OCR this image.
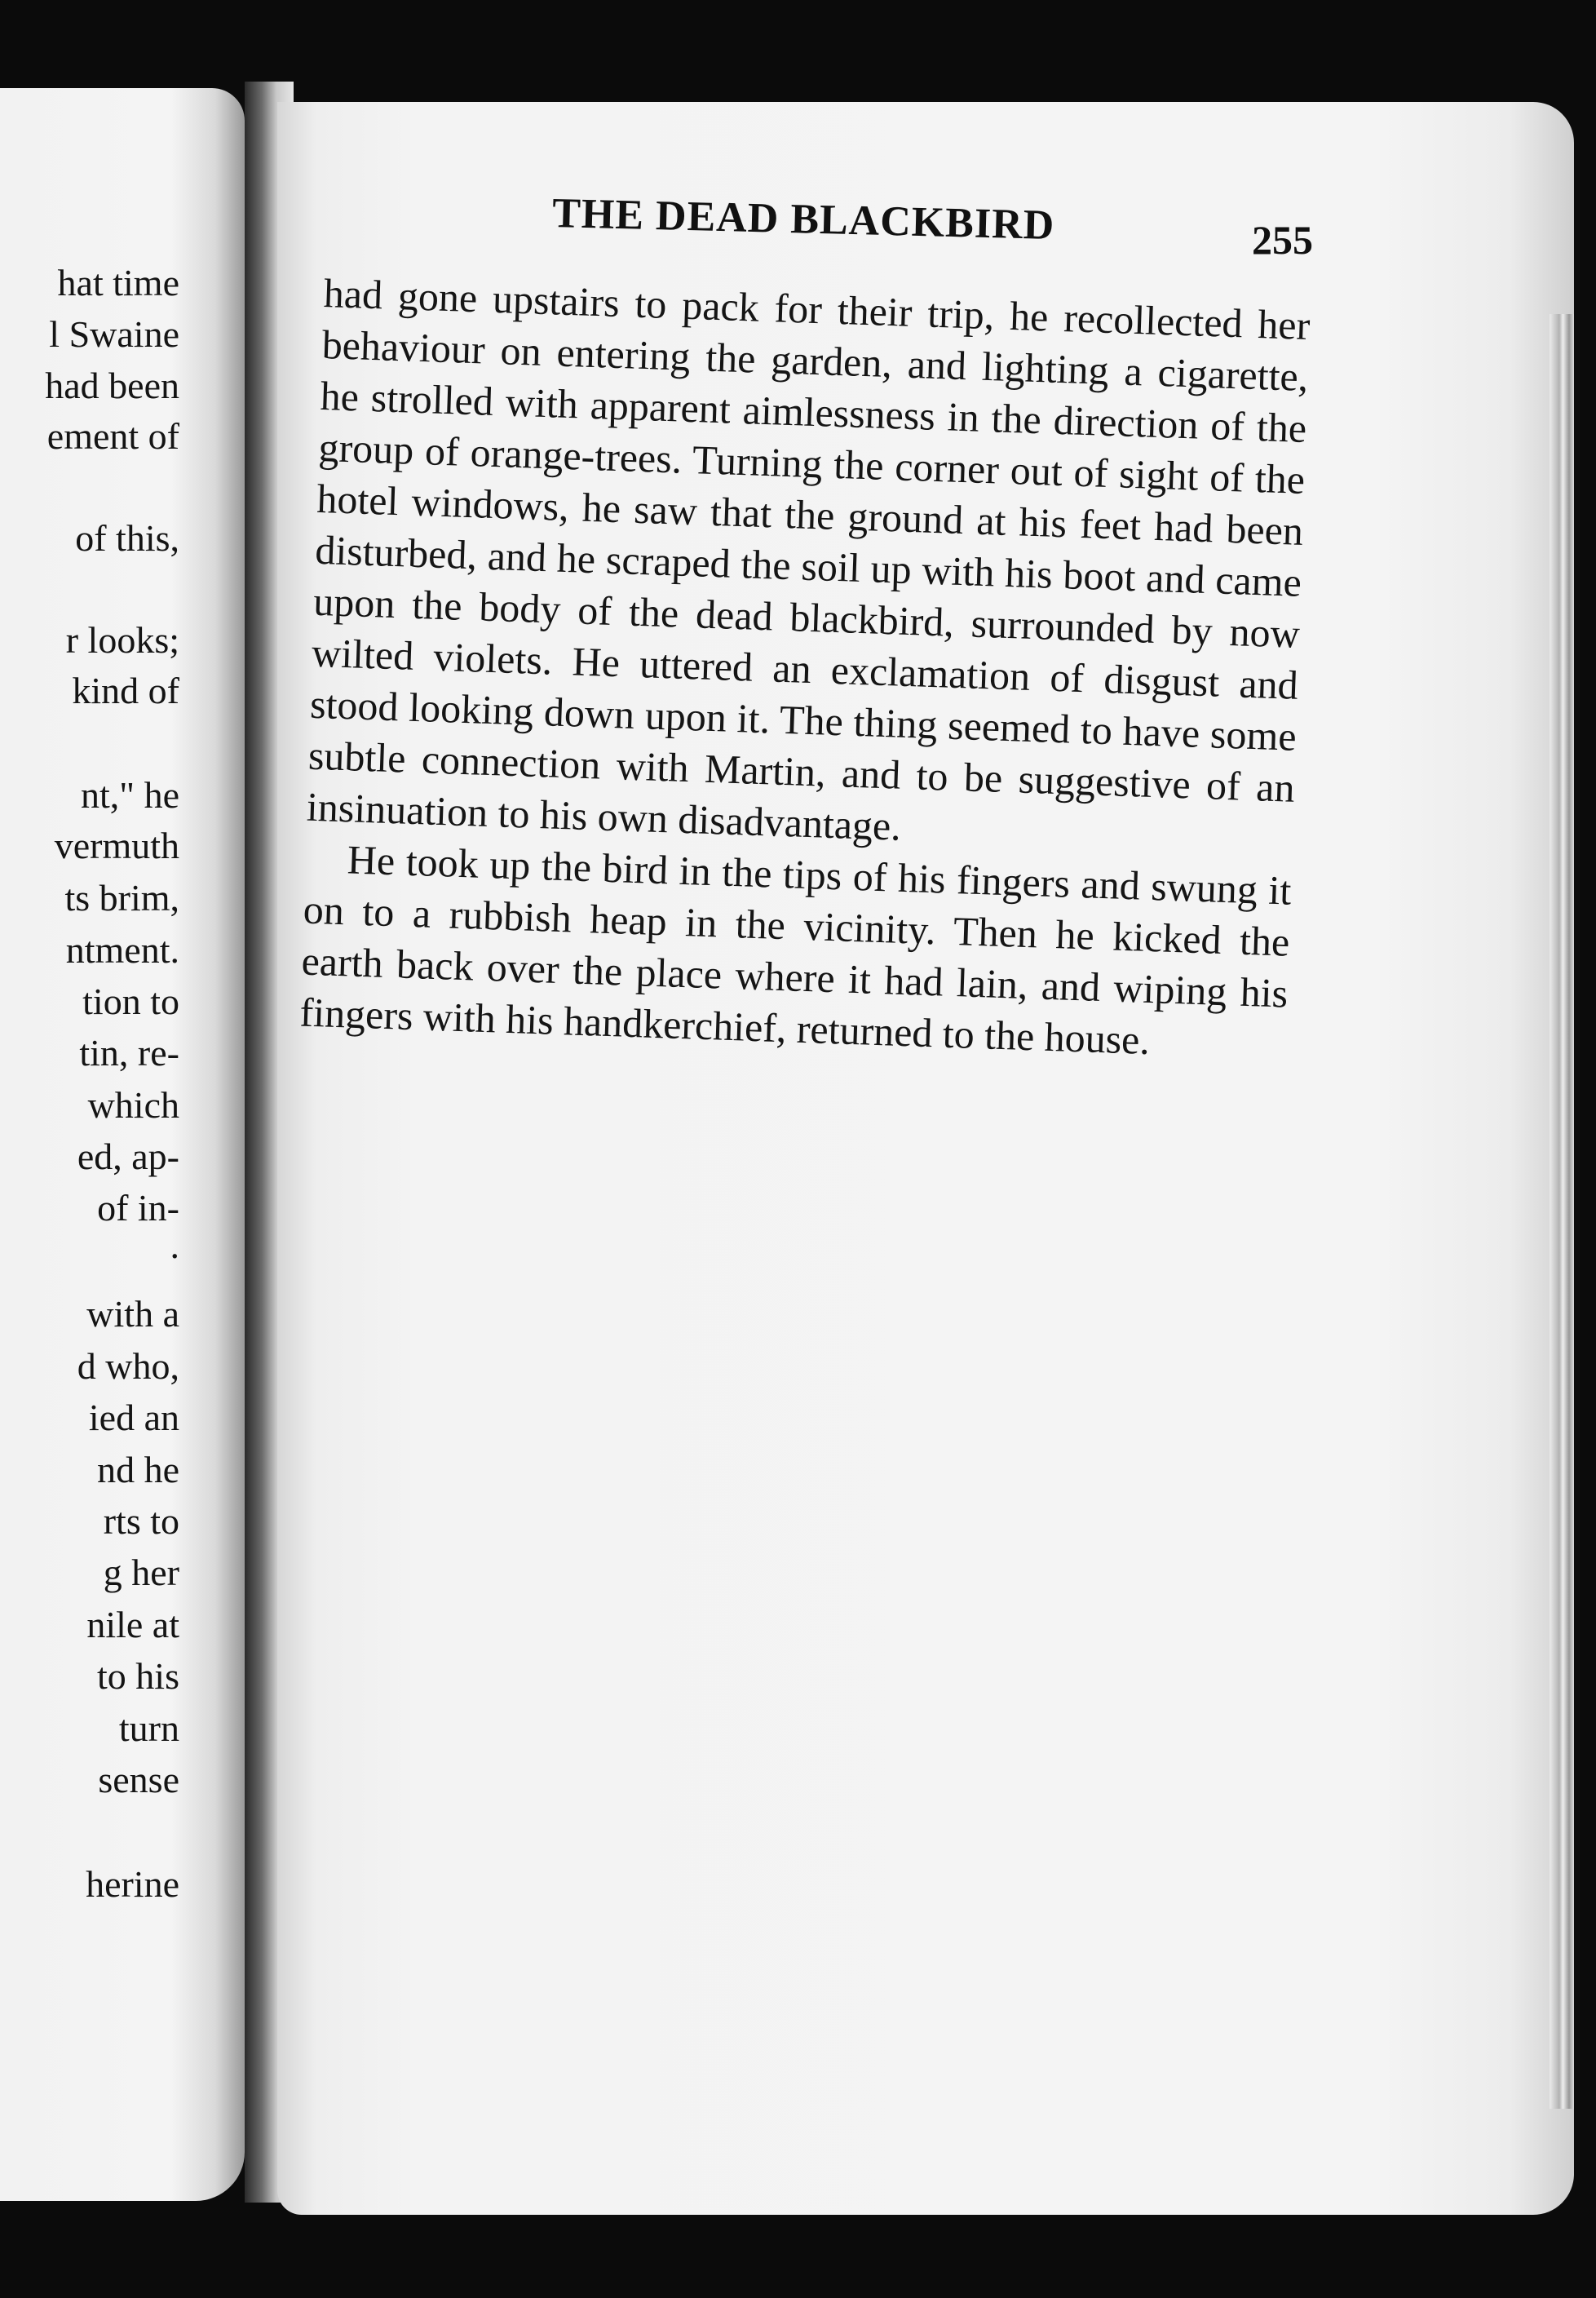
hat time
l Swaine
had been
ement of
of this,
r looks;
kind of
nt," he
vermuth
ts brim,
ntment.
tion to
tin, re-
which
ed, ap-
of in-
.
with a
d who,
ied an
nd he
rts to
g her
nile at
to his
turn
sense
herine
THE DEAD BLACKBIRD	255

had gone upstairs to pack for their trip, he recollected her behaviour on entering the garden, and lighting a cigarette, he strolled with apparent aimlessness in the direction of the group of orange-trees. Turning the corner out of sight of the hotel windows, he saw that the ground at his feet had been disturbed, and he scraped the soil up with his boot and came upon the body of the dead blackbird, surrounded by now wilted violets. He uttered an exclamation of disgust and stood looking down upon it. The thing seemed to have some subtle connection with Martin, and to be suggestive of an insinuation to his own disadvantage.

He took up the bird in the tips of his fingers and swung it on to a rubbish heap in the vicinity. Then he kicked the earth back over the place where it had lain, and wiping his fingers with his handkerchief, returned to the house.
